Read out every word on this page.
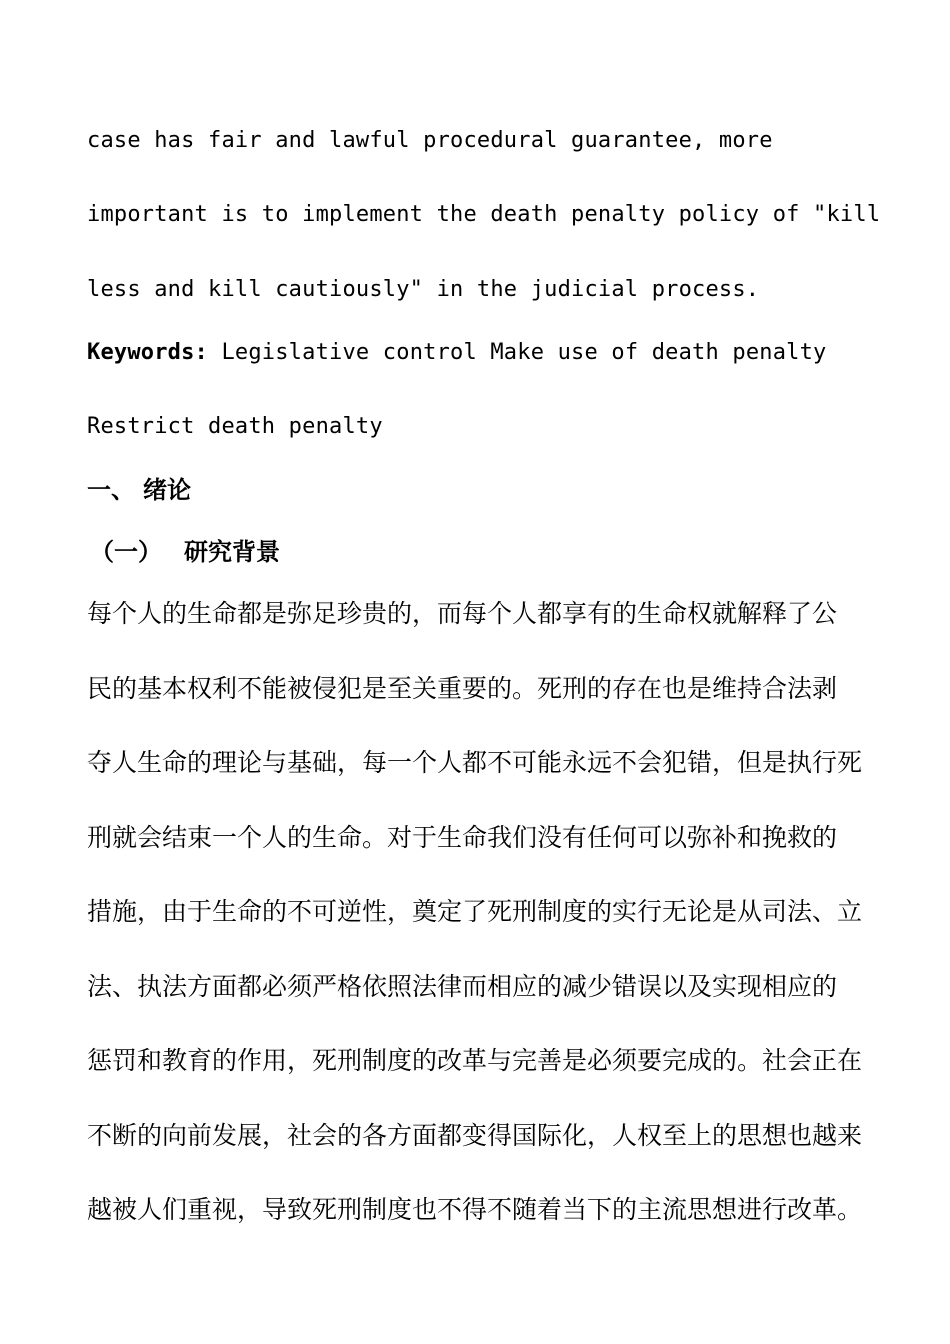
case has fair and lawful procedural guarantee, more
important is to implement the death penalty policy of "kill
less and kill cautiously" in the judicial process.
Keywords: Legislative control Make use of death penalty
Restrict death penalty
一、 绪论
（一） 研究背景
每个人的生命都是弥足珍贵的，而每个人都享有的生命权就解释了公
民的基本权利不能被侵犯是至关重要的。死刑的存在也是维持合法剥
夺人生命的理论与基础，每一个人都不可能永远不会犯错，但是执行死
刑就会结束一个人的生命。对于生命我们没有任何可以弥补和挽救的
措施，由于生命的不可逆性，奠定了死刑制度的实行无论是从司法、立
法、执法方面都必须严格依照法律而相应的减少错误以及实现相应的
惩罚和教育的作用，死刑制度的改革与完善是必须要完成的。社会正在
不断的向前发展，社会的各方面都变得国际化，人权至上的思想也越来
越被人们重视，导致死刑制度也不得不随着当下的主流思想进行改革。
